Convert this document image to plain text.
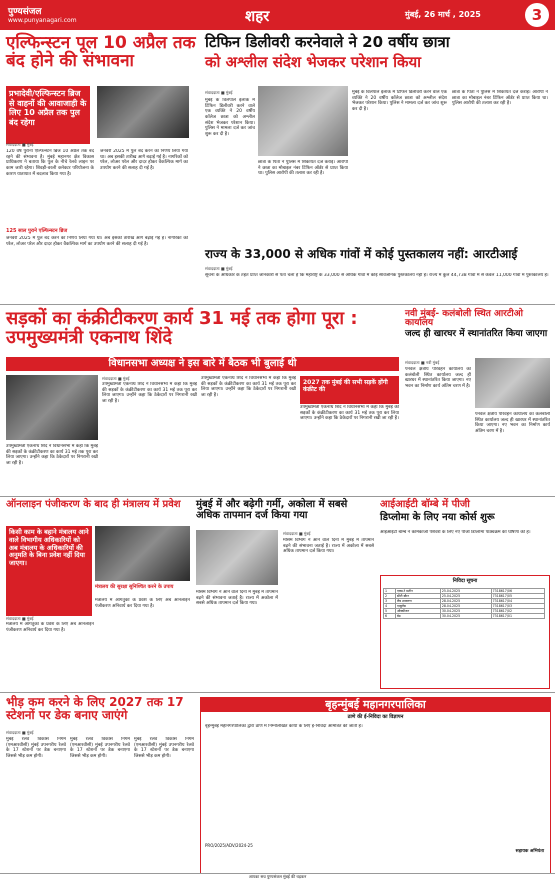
पुण्यसंजल
www.punyanagari.com	शहर	मुंबई, 26 मार्च , 2025	3
एल्फिन्स्टन पूल 10 अप्रैल तक बंद होने की संभावना
प्रभादेवी/एल्फिन्स्टन ब्रिज से वाहनों की आवाजाही के लिए 10 अप्रैल तक पुल बंद रहेगा
संवाददाता ■ मुंबई
120 वर्ष पुराना एल्फिन्स्टन ब्रिज 10 अप्रैल तक बंद रहने की संभावना है। मुंबई महानगर क्षेत्र विकास प्राधिकरण ने बताया कि पुल के नीचे रेलवे लाइन पर काम जारी रहेगा। शिवड़ी-वरली कनेक्टर परियोजना के कारण यातायात में बदलाव किया गया है।
जनवरी 2025 में पुल बंद करने का निर्णय लिया गया था। अब इसकी तारीख आगे बढ़ाई गई है। नागरिकों को परेल, लोअर परेल और दादर होकर वैकल्पिक मार्ग का उपयोग करने की सलाह दी गई है।
125 साल पुराने एल्फिन्स्टन ब्रिज
जनवरी 2025 में पुल बंद करने का निर्णय लिया गया था। अब इसकी तारीख आगे बढ़ाई गई है। नागरिकों को परेल, लोअर परेल और दादर होकर वैकल्पिक मार्ग का उपयोग करने की सलाह दी गई है।
टिफिन डिलीवरी करनेवाले ने 20 वर्षीय छात्रा
को अश्लील संदेश भेजकर परेशान किया
संवाददाता ■ मुंबई
मुंबई के विलेपार्ले इलाके में टिफिन डिलीवरी करने वाले एक व्यक्ति ने 20 वर्षीय कॉलेज छात्रा को अश्लील संदेश भेजकर परेशान किया। पुलिस ने मामला दर्ज कर जांच शुरू कर दी है।
छात्रा के पिता ने पुलिस में शिकायत दर्ज कराई। आरोपी ने छात्रा का मोबाइल नंबर टिफिन ऑर्डर से प्राप्त किया था। पुलिस आरोपी की तलाश कर रही है।
मुंबई के विलेपार्ले इलाके में टिफिन डिलीवरी करने वाले एक व्यक्ति ने 20 वर्षीय कॉलेज छात्रा को अश्लील संदेश भेजकर परेशान किया। पुलिस ने मामला दर्ज कर जांच शुरू कर दी है।
छात्रा के पिता ने पुलिस में शिकायत दर्ज कराई। आरोपी ने छात्रा का मोबाइल नंबर टिफिन ऑर्डर से प्राप्त किया था। पुलिस आरोपी की तलाश कर रही है।
राज्य के 33,000 से अधिक गांवों में कोई पुस्तकालय नहीं: आरटीआई
संवाददाता ■ मुंबई
सूचना के अधिकार के तहत प्राप्त जानकारी से पता चला है कि महाराष्ट्र के 33,000 से अधिक गांवों में कोई सार्वजनिक पुस्तकालय नहीं है। राज्य में कुल 44,738 गांवों में से केवल 11,000 गांवों में पुस्तकालय हैं।
सड़कों का कंक्रीटीकरण कार्य 31 मई तक होगा पूरा : उपमुख्यमंत्री एकनाथ शिंदे
विधानसभा अध्यक्ष ने इस बारे में बैठक भी बुलाई थी
संवाददाता ■ मुंबई
उपमुख्यमंत्री एकनाथ शिंदे ने विधानसभा में कहा कि मुंबई की सड़कों के कंक्रीटीकरण का कार्य 31 मई तक पूरा कर लिया जाएगा। उन्होंने कहा कि ठेकेदारों पर निगरानी रखी जा रही है।
उपमुख्यमंत्री एकनाथ शिंदे ने विधानसभा में कहा कि मुंबई की सड़कों के कंक्रीटीकरण का कार्य 31 मई तक पूरा कर लिया जाएगा। उन्होंने कहा कि ठेकेदारों पर निगरानी रखी जा रही है।
2027 तक मुंबई की सभी सड़कें होंगी कंक्रीट की
उपमुख्यमंत्री एकनाथ शिंदे ने विधानसभा में कहा कि मुंबई की सड़कों के कंक्रीटीकरण का कार्य 31 मई तक पूरा कर लिया जाएगा। उन्होंने कहा कि ठेकेदारों पर निगरानी रखी जा रही है।
उपमुख्यमंत्री एकनाथ शिंदे ने विधानसभा में कहा कि मुंबई की सड़कों के कंक्रीटीकरण का कार्य 31 मई तक पूरा कर लिया जाएगा। उन्होंने कहा कि ठेकेदारों पर निगरानी रखी जा रही है।
नवी मुंबई- कलंबोली स्थित आरटीओ कार्यालय
जल्द ही खारघर में स्थानांतरित किया जाएगा
संवाददाता ■ नवी मुंबई
पनवेल क्षेत्रीय परिवहन कार्यालय का कलंबोली स्थित कार्यालय जल्द ही खारघर में स्थानांतरित किया जाएगा। नए भवन का निर्माण कार्य अंतिम चरण में है।
पनवेल क्षेत्रीय परिवहन कार्यालय का कलंबोली स्थित कार्यालय जल्द ही खारघर में स्थानांतरित किया जाएगा। नए भवन का निर्माण कार्य अंतिम चरण में है।
ऑनलाइन पंजीकरण के बाद ही मंत्रालय में प्रवेश
किसी काम के बहाने मंत्रालय आने वाले विभागीय अधिकारियों को अब मंत्रालय के अधिकारियों की अनुमति के बिना प्रवेश नहीं दिया जाएगा।
मंत्रालय की सुरक्षा सुनिश्चित करने के उपाय
संवाददाता ■ मुंबई
मंत्रालय में आगंतुकों के प्रवेश के लिए अब ऑनलाइन पंजीकरण अनिवार्य कर दिया गया है।
मंत्रालय में आगंतुकों के प्रवेश के लिए अब ऑनलाइन पंजीकरण अनिवार्य कर दिया गया है।
मुंबई में और बढ़ेगी गर्मी, अकोला में सबसे अधिक तापमान दर्ज किया गया
संवाददाता ■ मुंबई
मौसम विभाग ने आने वाले दिनों में मुंबई में तापमान बढ़ने की संभावना जताई है। राज्य में अकोला में सबसे अधिक तापमान दर्ज किया गया।
मौसम विभाग ने आने वाले दिनों में मुंबई में तापमान बढ़ने की संभावना जताई है। राज्य में अकोला में सबसे अधिक तापमान दर्ज किया गया।
आईआईटी बॉम्बे में पीजी
डिप्लोमा के लिए नया कोर्स शुरू
आईआईटी बॉम्बे ने कामकाजी पेशेवरों के लिए नए पीजी डिप्लोमा पाठ्यक्रम की घोषणा की है।
निविदा सूचना
1	एक्स-रे मशीन	25.04.2025	7318617/06
2	सीटी स्कैन	25.04.2025	7318617/05
3	लैब उपकरण	28.04.2025	7318617/04
4	एम्बुलेंस	28.04.2025	7318617/03
5	ऑक्सीजन	30.04.2025	7318617/02
6	बेड	30.04.2025	7318617/01
भीड़ कम करने के लिए 2027 तक 17 स्टेशनों पर डेक बनाए जाएंगे
संवाददाता ■ मुंबई
मुंबई रेलवे विकास निगम (एमआरवीसी) मुंबई उपनगरीय रेलवे के 17 स्टेशनों पर डेक बनाएगा जिससे भीड़ कम होगी।
मुंबई रेलवे विकास निगम (एमआरवीसी) मुंबई उपनगरीय रेलवे के 17 स्टेशनों पर डेक बनाएगा जिससे भीड़ कम होगी।
मुंबई रेलवे विकास निगम (एमआरवीसी) मुंबई उपनगरीय रेलवे के 17 स्टेशनों पर डेक बनाएगा जिससे भीड़ कम होगी।
बृहन्मुंबई महानगरपालिका
ठाणे की ई-निविदा का विज्ञापन
बृहन्मुंबई महानगरपालिका द्वारा ठाणे में निम्नलिखित कार्यों के लिए ई-निविदा आमंत्रित की जाती है।
PRO/2025/ADV/2024-25
सहायक अभियंता
आपका सच पुण्यसंजल मुंबई की धड़कन
